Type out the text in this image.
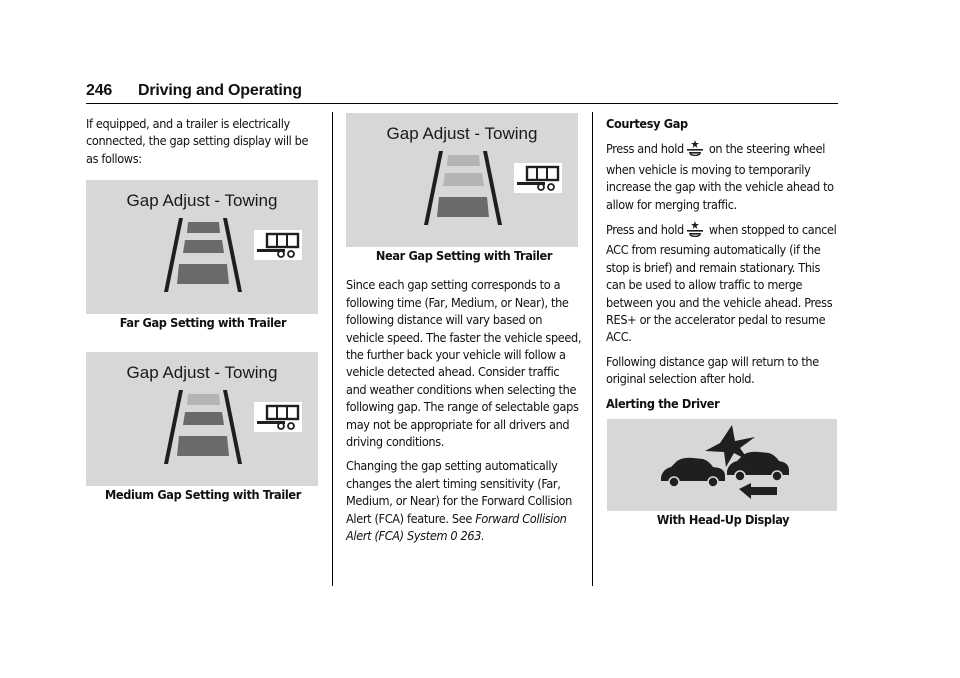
246 Driving and Operating

If equipped, and a trailer is electrically connected, the gap setting display will be as follows:

Gap Adjust - Towing

Far Gap Setting with Trailer

Gap Adjust - Towing

Medium Gap Setting with Trailer

Gap Adjust - Towing

Near Gap Setting with Trailer

Since each gap setting corresponds to a following time (Far, Medium, or Near), the following distance will vary based on vehicle speed. The faster the vehicle speed, the further back your vehicle will follow a vehicle detected ahead. Consider traffic and weather conditions when selecting the following gap. The range of selectable gaps may not be appropriate for all drivers and driving conditions.

Changing the gap setting automatically changes the alert timing sensitivity (Far, Medium, or Near) for the Forward Collision Alert (FCA) feature. See Forward Collision Alert (FCA) System 0 263.

Courtesy Gap

Press and hold on the steering wheel when vehicle is moving to temporarily increase the gap with the vehicle ahead to allow for merging traffic.

Press and hold when stopped to cancel ACC from resuming automatically (if the stop is brief) and remain stationary. This can be used to allow traffic to merge between you and the vehicle ahead. Press RES+ or the accelerator pedal to resume ACC.

Following distance gap will return to the original selection after hold.

Alerting the Driver

With Head-Up Display
